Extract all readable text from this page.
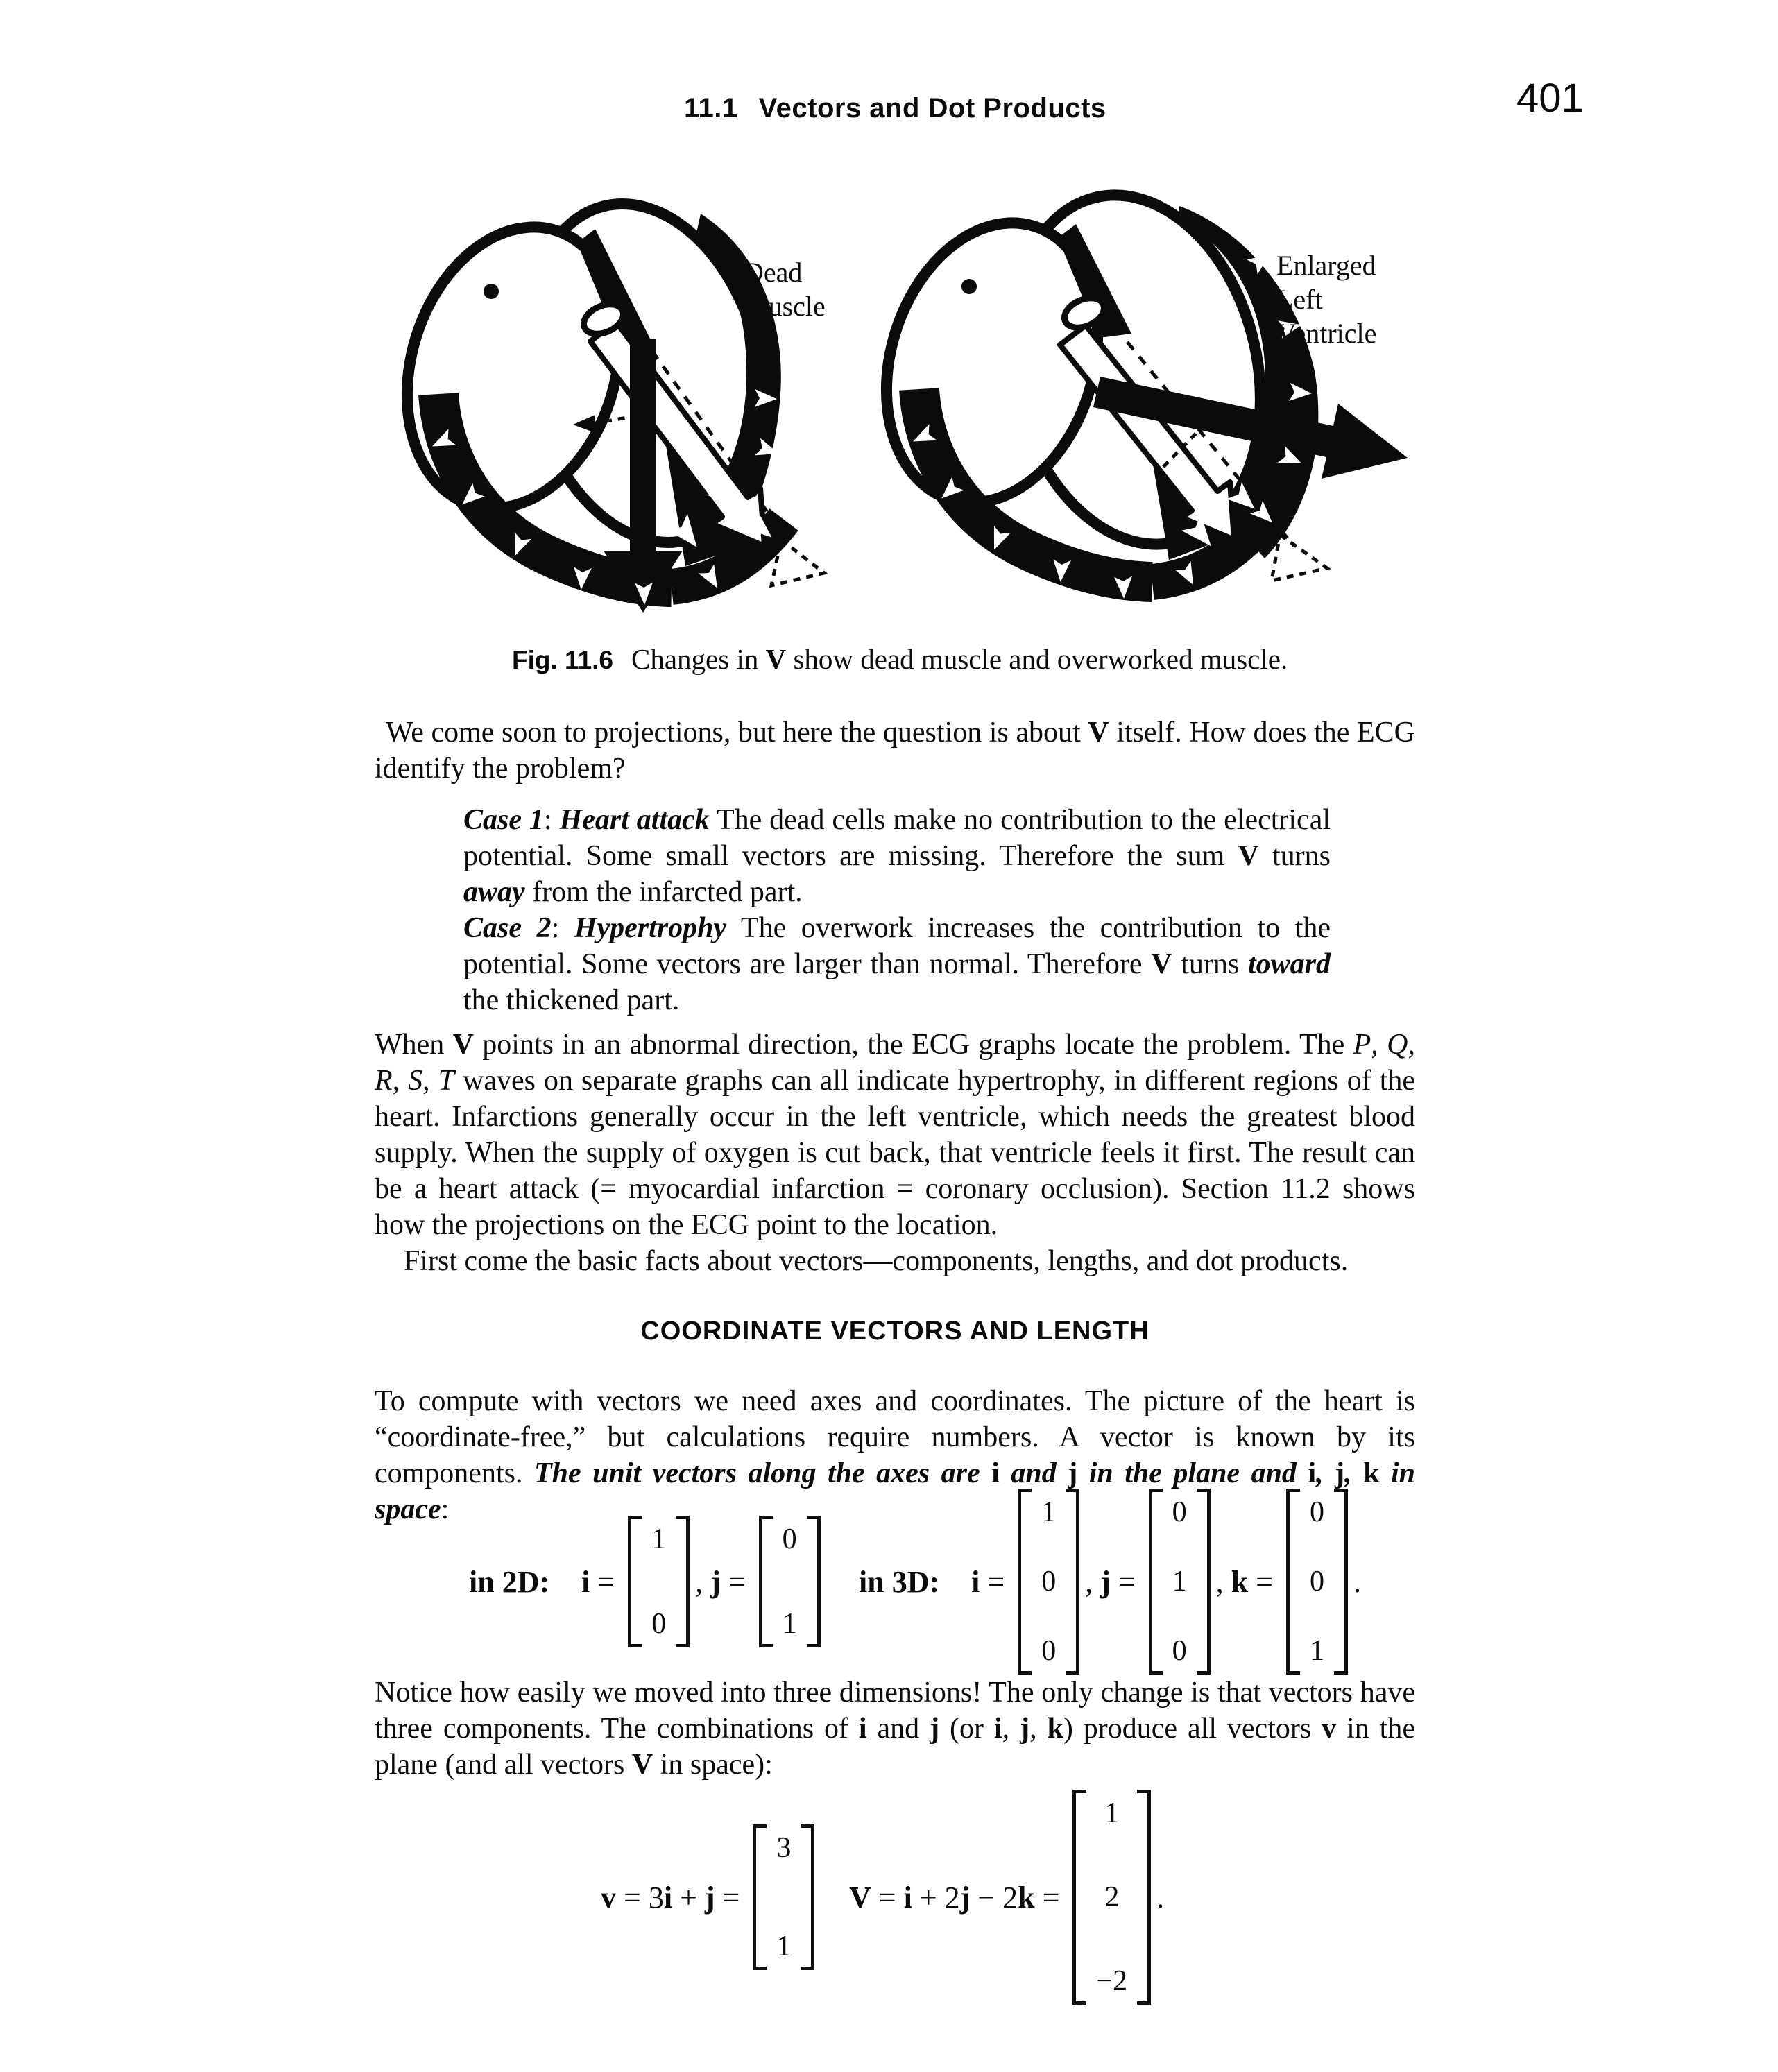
11.1 Vectors and Dot Products	401
Dead
Muscle
Enlarged
Left
Ventricle
Fig. 11.6 Changes in V show dead muscle and overworked muscle.
We come soon to projections, but here the question is about V itself. How does the ECG identify the problem?

Case 1: Heart attack The dead cells make no contribution to the electrical potential. Some small vectors are missing. Therefore the sum V turns away from the infarcted part.

Case 2: Hypertrophy The overwork increases the contribution to the potential. Some vectors are larger than normal. Therefore V turns toward the thickened part.

When V points in an abnormal direction, the ECG graphs locate the problem. The P, Q, R, S, T waves on separate graphs can all indicate hypertrophy, in different regions of the heart. Infarctions generally occur in the left ventricle, which needs the greatest blood supply. When the supply of oxygen is cut back, that ventricle feels it first. The result can be a heart attack (= myocardial infarction = coronary occlusion). Section 11.2 shows how the projections on the ECG point to the location.
First come the basic facts about vectors—components, lengths, and dot products.
COORDINATE VECTORS AND LENGTH
To compute with vectors we need axes and coordinates. The picture of the heart is “coordinate-free,” but calculations require numbers. A vector is known by its components. The unit vectors along the axes are i and j in the plane and i, j, k in space:
in 2D: i =
1
0
, j =
0
1
in 3D: i =
1
0
0
, j =
0
1
0
, k =
0
0
1
.
Notice how easily we moved into three dimensions! The only change is that vectors have three components. The combinations of i and j (or i, j, k) produce all vectors v in the plane (and all vectors V in space):
v = 3i + j =
3
1
V = i + 2j − 2k =
1
2
−2
.
